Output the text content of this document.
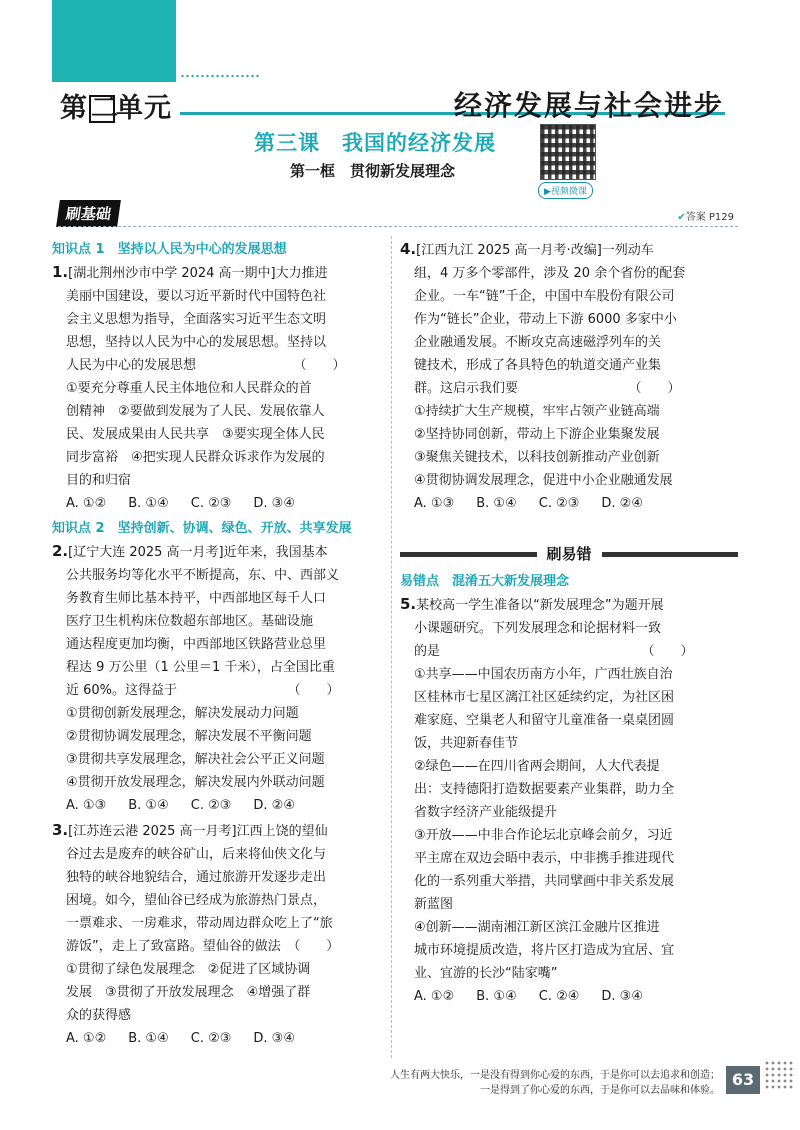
第 二单元	经济发展与社会进步
第三课　我国的经济发展
第一框　贯彻新发展理念
▶视频微课
刷基础	✔答案 P129
知识点 1　坚持以人民为中心的发展思想
1.[湖北荆州沙市中学 2024 高一期中]大力推进
美丽中国建设，要以习近平新时代中国特色社
会主义思想为指导，全面落实习近平生态文明
思想，坚持以人民为中心的发展思想。坚持以
人民为中心的发展思想　　　　　　　　（　　）
①要充分尊重人民主体地位和人民群众的首
创精神　②要做到发展为了人民、发展依靠人
民、发展成果由人民共享　③要实现全体人民
同步富裕　④把实现人民群众诉求作为发展的
目的和归宿
A. ①② B. ①④ C. ②③ D. ③④
知识点 2　坚持创新、协调、绿色、开放、共享发展
2.[辽宁大连 2025 高一月考]近年来，我国基本
公共服务均等化水平不断提高，东、中、西部义
务教育生师比基本持平，中西部地区每千人口
医疗卫生机构床位数超东部地区。基础设施
通达程度更加均衡，中西部地区铁路营业总里
程达 9 万公里（1 公里＝1 千米），占全国比重
近 60%。这得益于　　　　　　　　　（　　）
①贯彻创新发展理念，解决发展动力问题
②贯彻协调发展理念，解决发展不平衡问题
③贯彻共享发展理念，解决社会公平正义问题
④贯彻开放发展理念，解决发展内外联动问题
A. ①③ B. ①④ C. ②③ D. ②④
3.[江苏连云港 2025 高一月考]江西上饶的望仙
谷过去是废弃的峡谷矿山，后来将仙侠文化与
独特的峡谷地貌结合，通过旅游开发逐步走出
困境。如今，望仙谷已经成为旅游热门景点，
一票难求、一房难求，带动周边群众吃上了“旅
游饭”，走上了致富路。望仙谷的做法　（　　）
①贯彻了绿色发展理念　②促进了区域协调
发展　③贯彻了开放发展理念　④增强了群
众的获得感
A. ①② B. ①④ C. ②③ D. ③④
4.[江西九江 2025 高一月考·改编]一列动车
组，4 万多个零部件，涉及 20 余个省份的配套
企业。一车“链”千企，中国中车股份有限公司
作为“链长”企业，带动上下游 6000 多家中小
企业融通发展。不断攻克高速磁浮列车的关
键技术，形成了各具特色的轨道交通产业集
群。这启示我们要　　　　　　　　　（　　）
①持续扩大生产规模，牢牢占领产业链高端
②坚持协同创新，带动上下游企业集聚发展
③聚焦关键技术，以科技创新推动产业创新
④贯彻协调发展理念，促进中小企业融通发展
A. ①③ B. ①④ C. ②③ D. ②④
刷易错
易错点　混淆五大新发展理念
5.某校高一学生准备以“新发展理念”为题开展
小课题研究。下列发展理念和论据材料一致
的是　　　　　　　　　　　　　　　　（　　）
①共享——中国农历南方小年，广西壮族自治
区桂林市七星区漓江社区延续约定，为社区困
难家庭、空巢老人和留守儿童准备一桌桌团圆
饭，共迎新春佳节
②绿色——在四川省两会期间，人大代表提
出：支持德阳打造数据要素产业集群，助力全
省数字经济产业能级提升
③开放——中非合作论坛北京峰会前夕，习近
平主席在双边会晤中表示，中非携手推进现代
化的一系列重大举措，共同擘画中非关系发展
新蓝图
④创新——湖南湘江新区滨江金融片区推进
城市环境提质改造，将片区打造成为宜居、宜
业、宜游的长沙“陆家嘴”
A. ①② B. ①④ C. ②④ D. ③④
人生有两大快乐，一是没有得到你心爱的东西，于是你可以去追求和创造；
一是得到了你心爱的东西，于是你可以去品味和体验。
63
